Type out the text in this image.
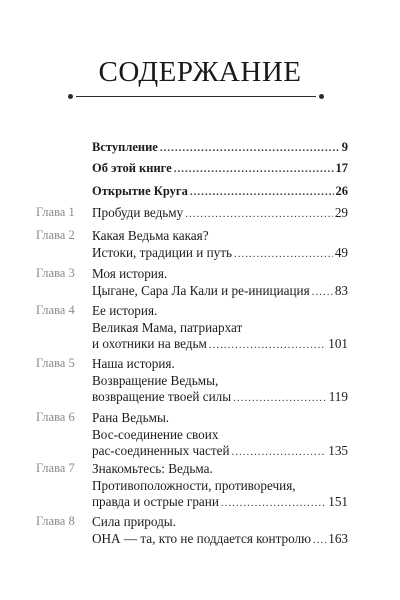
СОДЕРЖАНИЕ
Вступление .....	9
Об этой книге .....	17
Открытие Круга .....	26
Глава 1	Пробуди ведьму .....	29
Глава 2	Какая Ведьма какая?
Истоки, традиции и путь .....	49
Глава 3	Моя история.
Цыгане, Сара Ла Кали и ре-инициация ..... 83
Глава 4	Ее история.
Великая Мама, патриархат
и охотники на ведьм .....	101
Глава 5	Наша история.
Возвращение Ведьмы,
возвращение твоей силы .....	119
Глава 6	Рана Ведьмы.
Вос-соединение своих
рас-соединенных частей .....	135
Глава 7	Знакомьтесь: Ведьма.
Противоположности, противоречия,
правда и острые грани .....	151
Глава 8	Сила природы.
ОНА — та, кто не поддается контролю ..... 163
